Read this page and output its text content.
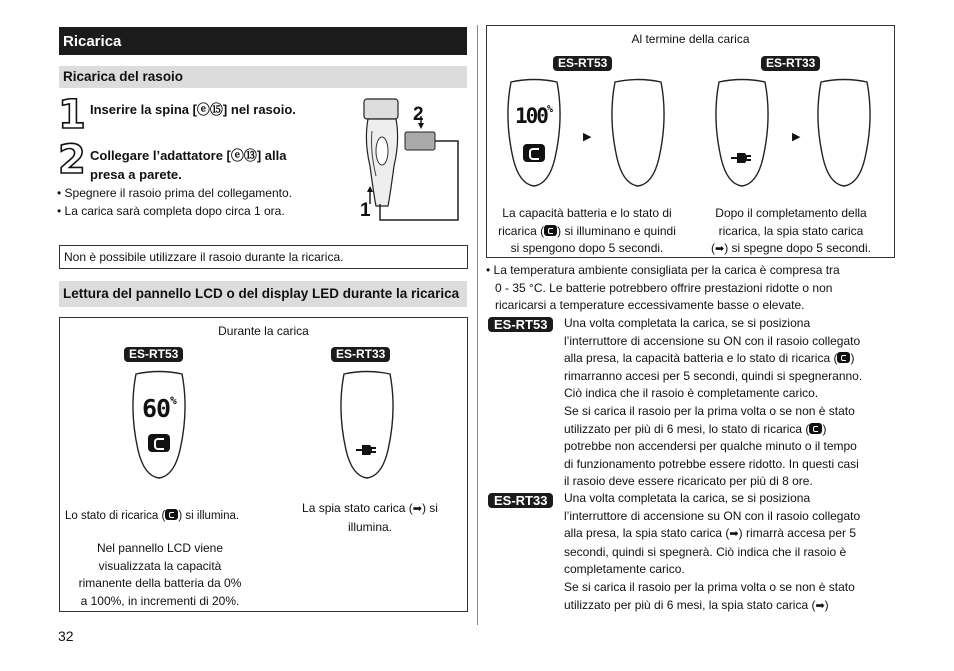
Ricarica
Ricarica del rasoio
1 Inserire la spina [ⓔ⑮] nel rasoio.
2 Collegare l’adattatore [ⓔ⑬] alla
presa a parete.
• Spegnere il rasoio prima del collegamento.
• La carica sarà completa dopo circa 1 ora.
2
1
Non è possibile utilizzare il rasoio durante la ricarica.
Lettura del pannello LCD o del display LED durante la ricarica
Durante la carica
ES-RT53	ES-RT33
60%
Lo stato di ricarica ( ) si illumina.
La spia stato carica (➡) si
illumina.
Nel pannello LCD viene
visualizzata la capacità
rimanente della batteria da 0%
a 100%, in incrementi di 20%.
32
Al termine della carica
ES-RT53	ES-RT33
100%
▶	▶
La capacità batteria e lo stato di
ricarica ( ) si illuminano e quindi
si spengono dopo 5 secondi.
Dopo il completamento della
ricarica, la spia stato carica
(➡) si spegne dopo 5 secondi.
• La temperatura ambiente consigliata per la carica è compresa tra
0 - 35 °C. Le batterie potrebbero offrire prestazioni ridotte o non
ricaricarsi a temperature eccessivamente basse o elevate.
ES-RT53	Una volta completata la carica, se si posiziona
l’interruttore di accensione su ON con il rasoio collegato
alla presa, la capacità batteria e lo stato di ricarica ( )
rimarranno accesi per 5 secondi, quindi si spegneranno.
Ciò indica che il rasoio è completamente carico.
Se si carica il rasoio per la prima volta o se non è stato
utilizzato per più di 6 mesi, lo stato di ricarica ( )
potrebbe non accendersi per qualche minuto o il tempo
di funzionamento potrebbe essere ridotto. In questi casi
il rasoio deve essere ricaricato per più di 8 ore.
ES-RT33	Una volta completata la carica, se si posiziona
l’interruttore di accensione su ON con il rasoio collegato
alla presa, la spia stato carica (➡) rimarrà accesa per 5
secondi, quindi si spegnerà. Ciò indica che il rasoio è
completamente carico.
Se si carica il rasoio per la prima volta o se non è stato
utilizzato per più di 6 mesi, la spia stato carica (➡)
